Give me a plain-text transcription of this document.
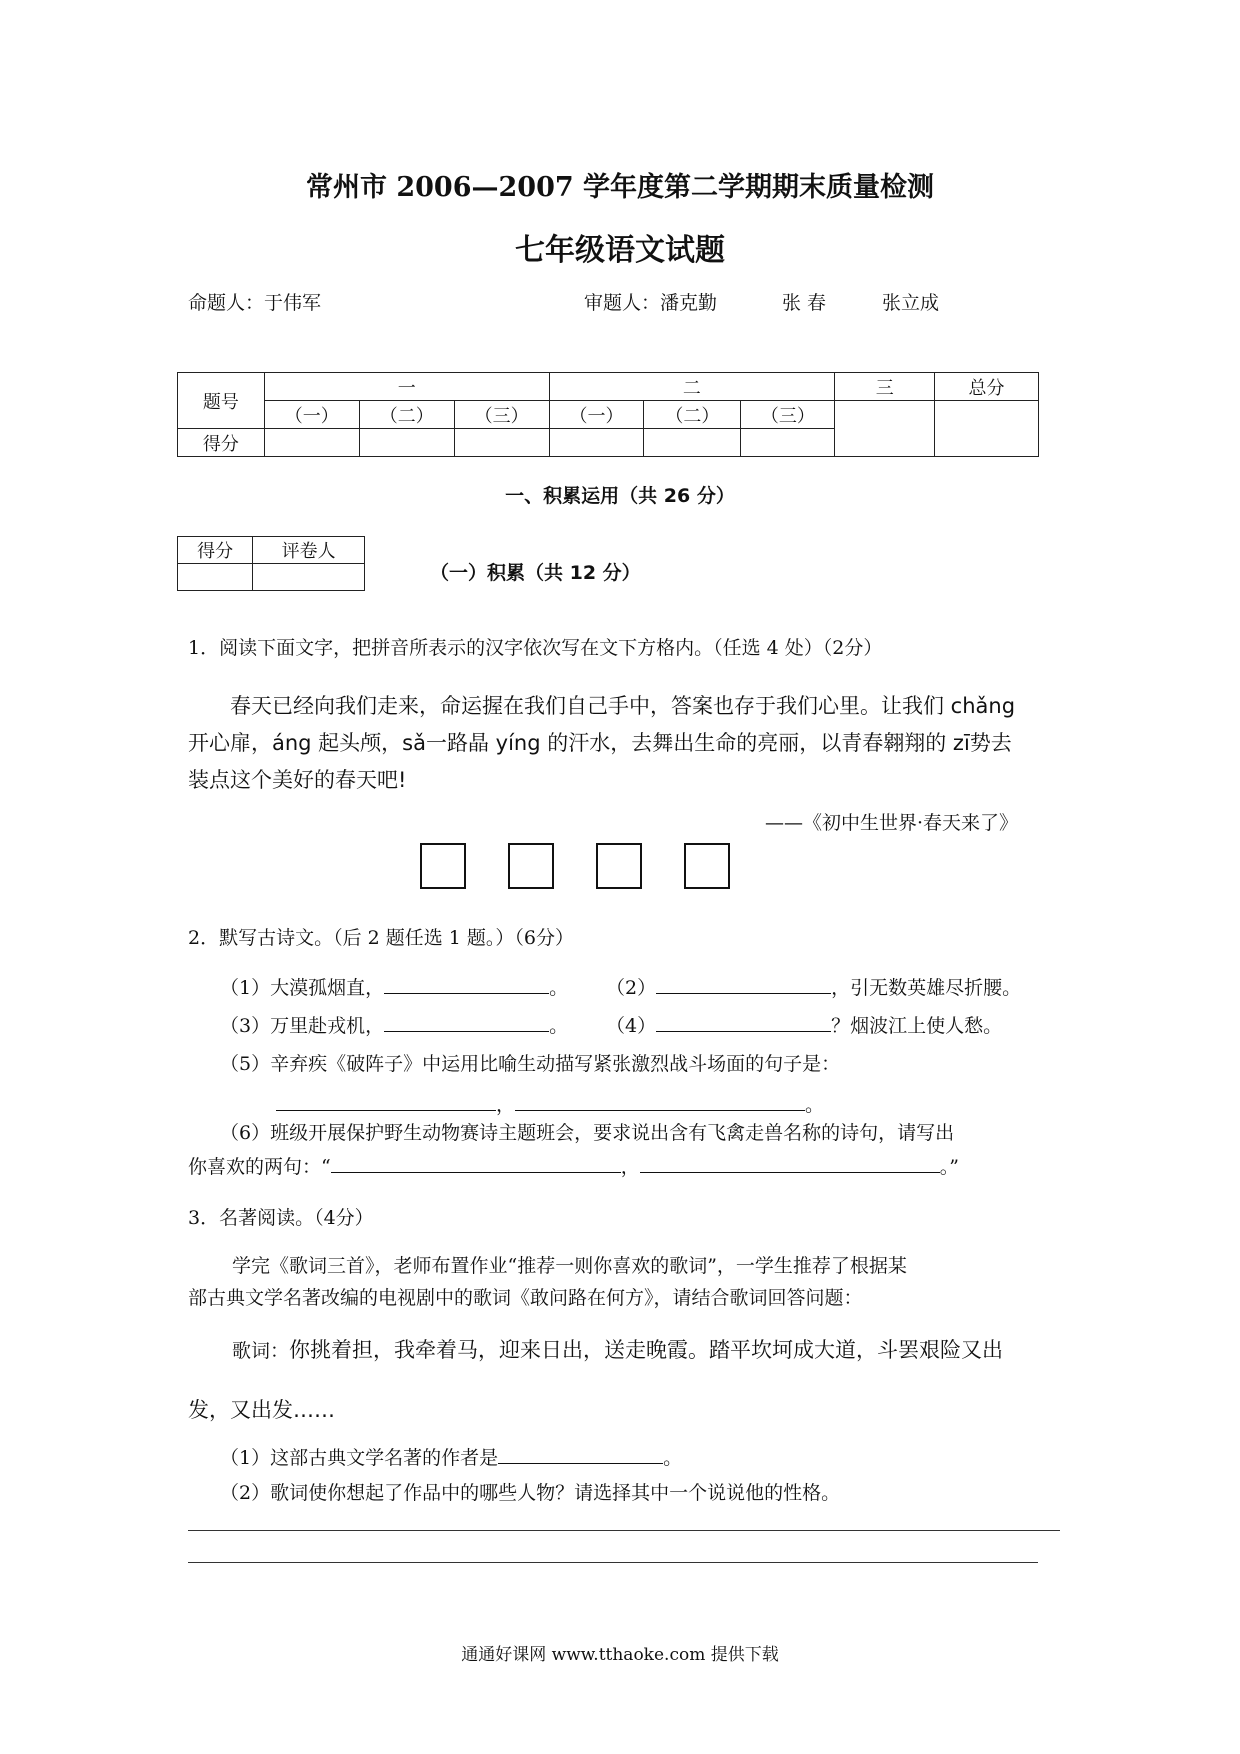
常州市 2006—2007 学年度第二学期期末质量检测
七年级语文试题
命题人：于伟军	审题人：潘克勤	张 春	张立成
题号	一			二			三	总分
	（一）	（二）	（三）	（一）	（二）	（三）		
得分								
一、积累运用（共 26 分）
得分	评卷人

（一）积累（共 12 分）
1．阅读下面文字，把拼音所表示的汉字依次写在文下方格内。（任选 4 处）（2分）

春天已经向我们走来，命运握在我们自己手中，答案也存于我们心里。让我们 chǎng

开心扉，áng 起头颅，sǎ一路晶 yíng 的汗水，去舞出生命的亮丽，以青春翱翔的 zī势去

装点这个美好的春天吧!

——《初中生世界·春天来了》
2．默写古诗文。（后 2 题任选 1 题。）（6分）
（1）大漠孤烟直，	。 （2）	，引无数英雄尽折腰。
（3）万里赴戎机，	。 （4）	？烟波江上使人愁。
（5）辛弃疾《破阵子》中运用比喻生动描写紧张激烈战斗场面的句子是：
，	。
（6）班级开展保护野生动物赛诗主题班会，要求说出含有飞禽走兽名称的诗句，请写出
你喜欢的两句：“	，	。”
3．名著阅读。（4分）
学完《歌词三首》，老师布置作业“推荐一则你喜欢的歌词”，一学生推荐了根据某
部古典文学名著改编的电视剧中的歌词《敢问路在何方》，请结合歌词回答问题：
歌词：你挑着担，我牵着马，迎来日出，送走晚霞。踏平坎坷成大道，斗罢艰险又出
发，又出发……
（1）这部古典文学名著的作者是	。
（2）歌词使你想起了作品中的哪些人物？请选择其中一个说说他的性格。
通通好课网 www.tthaoke.com 提供下载
